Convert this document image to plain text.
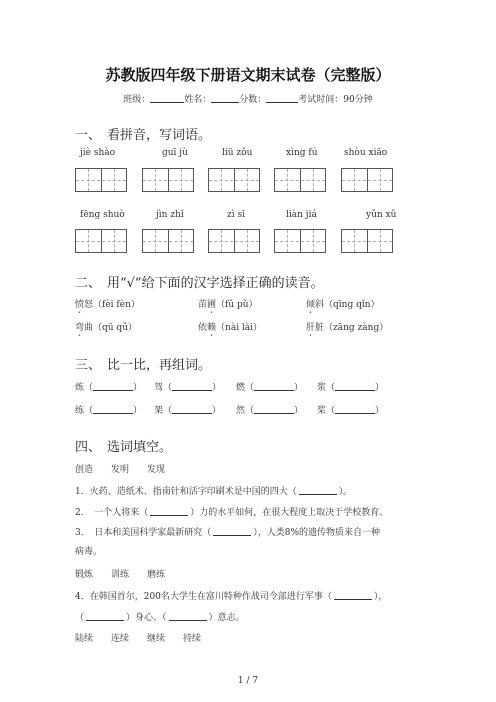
苏教版四年级下册语文期末试卷（完整版）
班级：	姓名：	分数：	考试时间：90分钟
一、 看拼音，写词语。
jiè shào	guī jù	liū zǒu	xìng fú	shòu xiāo
fēng shuò	jìn zhǐ	zì sī	liàn jiá	yǔn xǔ
二、 用“√”给下面的汉字选择正确的读音。
愤怒（fèi fèn）	苗圃（fǔ pǔ）	倾斜（qīng qǐn）
弯曲（qū qǔ）	依赖（nài lài）	肝脏（zāng zàng）
三、 比一比，再组词。
炼（	） 驾（	） 燃（	） 浆（	）
练（	） 架（	） 然（	） 桨（	）
四、 选词填空。
创造　　发明　　发现
1．火药、造纸术、指南针和活字印刷术是中国的四大（	）。
2．　一个人将来（	）力的水平如何，在很大程度上取决于学校教育。
3．　日本和美国科学家最新研究（	），人类8%的遗传物质来自一种
病毒。
锻炼　　训练　　磨练
4．在韩国首尔，200名大学生在富川特种作战司令部进行军事（	），
（	）身心、（	）意志。
陆续　　连续　　继续　　持续
1 / 7
